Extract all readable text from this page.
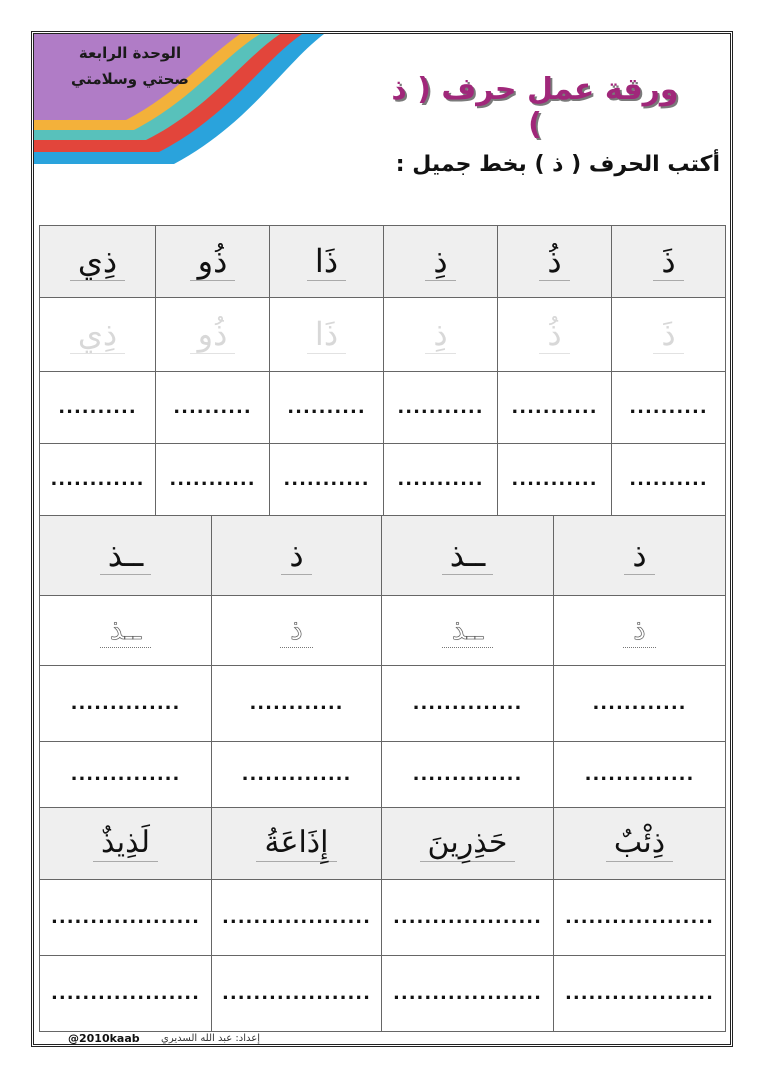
الوحدة الرابعة
صحتي وسلامتي	ورقة عمل حرف ( ذ )
أكتب الحرف ( ذ ) بخط جميل :
ذَ	ذُ	ذِ	ذَا	ذُو	ذِي
ذَ	ذُ	ذِ	ذَا	ذُو	ذِي
..........	...........	...........	..........	..........	..........
..........	...........	...........	...........	...........	............
ذ	ــذ	ذ	ــذ
ذ	ــذ	ذ	ــذ
............	..............	............	..............
..............	..............	..............	..............
ذِئْبٌ	حَذِرِينَ	إِذَاعَةُ	لَذِيذٌ
...................	...................	...................	...................
...................	...................	...................	...................
إعداد: عبد الله السديري
@2010kaab
